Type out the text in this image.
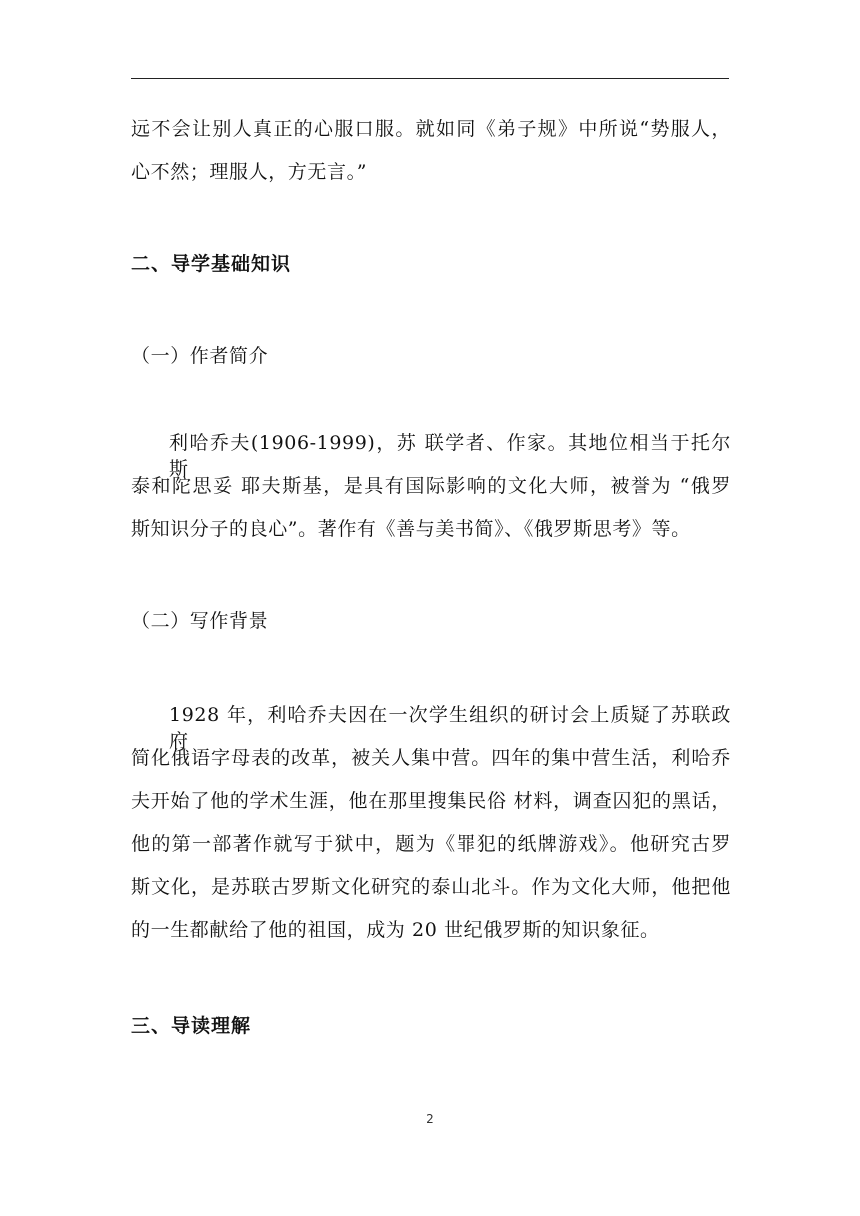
远不会让别人真正的心服口服。就如同《弟子规》中所说“势服人，
心不然；理服人，方无言。”
二、导学基础知识
（一）作者简介
利哈乔夫(1906-1999)，苏 联学者、作家。其地位相当于托尔斯
泰和陀思妥 耶夫斯基，是具有国际影响的文化大师，被誉为 “俄罗
斯知识分子的良心”。著作有《善与美书简》、《俄罗斯思考》等。
（二）写作背景
1928 年，利哈乔夫因在一次学生组织的研讨会上质疑了苏联政府
简化俄语字母表的改革，被关人集中营。四年的集中营生活，利哈乔
夫开始了他的学术生涯，他在那里搜集民俗 材料，调查囚犯的黑话，
他的第一部著作就写于狱中，题为《罪犯的纸牌游戏》。他研究古罗
斯文化，是苏联古罗斯文化研究的泰山北斗。作为文化大师，他把他
的一生都献给了他的祖国，成为 20 世纪俄罗斯的知识象征。
三、导读理解
2
